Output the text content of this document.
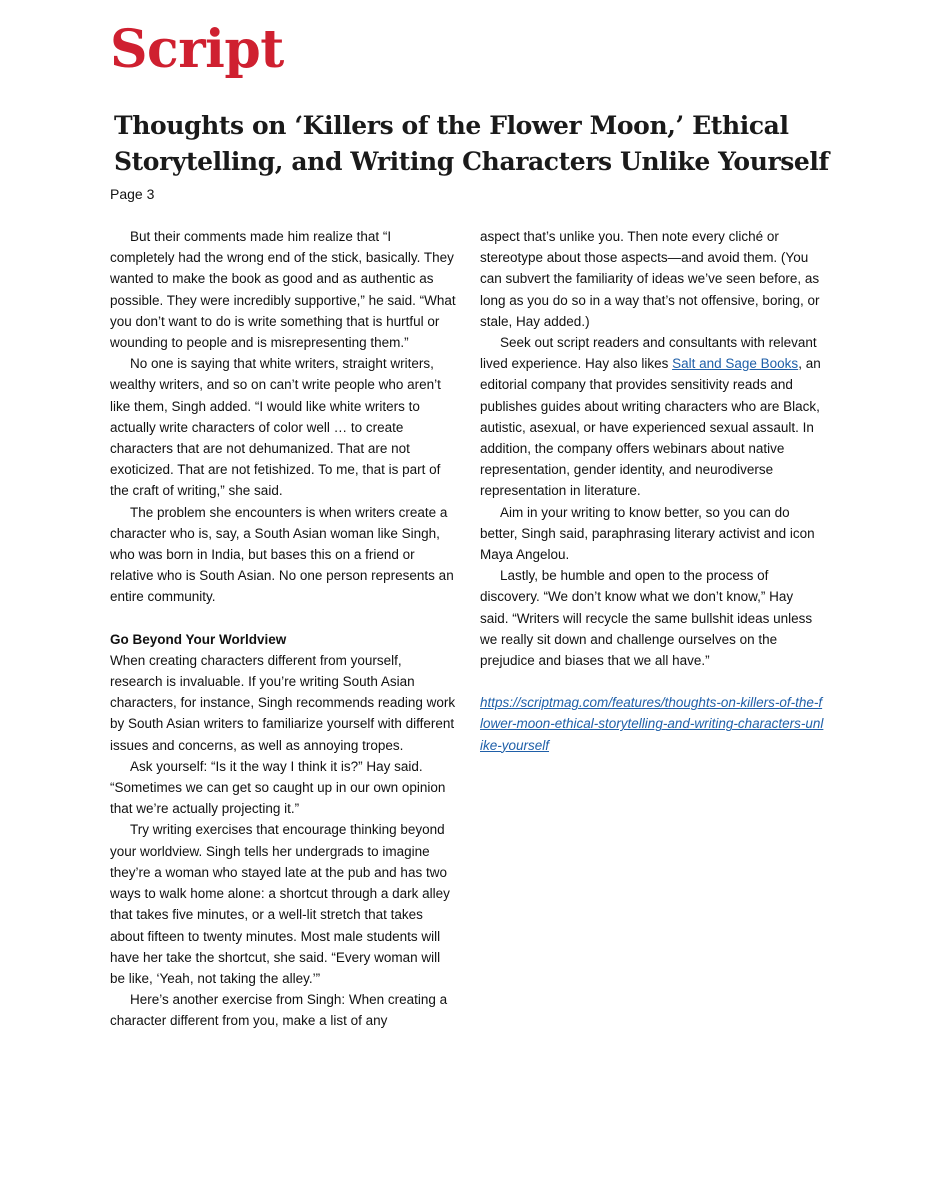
Script
Thoughts on ‘Killers of the Flower Moon,’ Ethical Storytelling, and Writing Characters Unlike Yourself
Page 3

But their comments made him realize that “I completely had the wrong end of the stick, basically. They wanted to make the book as good and as authentic as possible. They were incredibly supportive,” he said. “What you don’t want to do is write something that is hurtful or wounding to people and is misrepresenting them.”

No one is saying that white writers, straight writers, wealthy writers, and so on can’t write people who aren’t like them, Singh added. “I would like white writers to actually write characters of color well … to create characters that are not dehumanized. That are not exoticized. That are not fetishized. To me, that is part of the craft of writing,” she said.

The problem she encounters is when writers create a character who is, say, a South Asian woman like Singh, who was born in India, but bases this on a friend or relative who is South Asian. No one person represents an entire community.

Go Beyond Your Worldview

When creating characters different from yourself, research is invaluable. If you’re writing South Asian characters, for instance, Singh recommends reading work by South Asian writers to familiarize yourself with different issues and concerns, as well as annoying tropes.

Ask yourself: “Is it the way I think it is?” Hay said. “Sometimes we can get so caught up in our own opinion that we’re actually projecting it.”

Try writing exercises that encourage thinking beyond your worldview. Singh tells her undergrads to imagine they’re a woman who stayed late at the pub and has two ways to walk home alone: a shortcut through a dark alley that takes five minutes, or a well-lit stretch that takes about fifteen to twenty minutes. Most male students will have her take the shortcut, she said. “Every woman will be like, ‘Yeah, not taking the alley.’”

Here’s another exercise from Singh: When creating a character different from you, make a list of any

aspect that’s unlike you. Then note every cliché or stereotype about those aspects—and avoid them. (You can subvert the familiarity of ideas we’ve seen before, as long as you do so in a way that’s not offensive, boring, or stale, Hay added.)

Seek out script readers and consultants with relevant lived experience. Hay also likes Salt and Sage Books, an editorial company that provides sensitivity reads and publishes guides about writing characters who are Black, autistic, asexual, or have experienced sexual assault. In addition, the company offers webinars about native representation, gender identity, and neurodiverse representation in literature.

Aim in your writing to know better, so you can do better, Singh said, paraphrasing literary activist and icon Maya Angelou.

Lastly, be humble and open to the process of discovery. “We don’t know what we don’t know,” Hay said. “Writers will recycle the same bullshit ideas unless we really sit down and challenge ourselves on the prejudice and biases that we all have.”

https://scriptmag.com/features/thoughts-on-killers-of-the-flower-moon-ethical-storytelling-and-writing-characters-unlike-yourself
